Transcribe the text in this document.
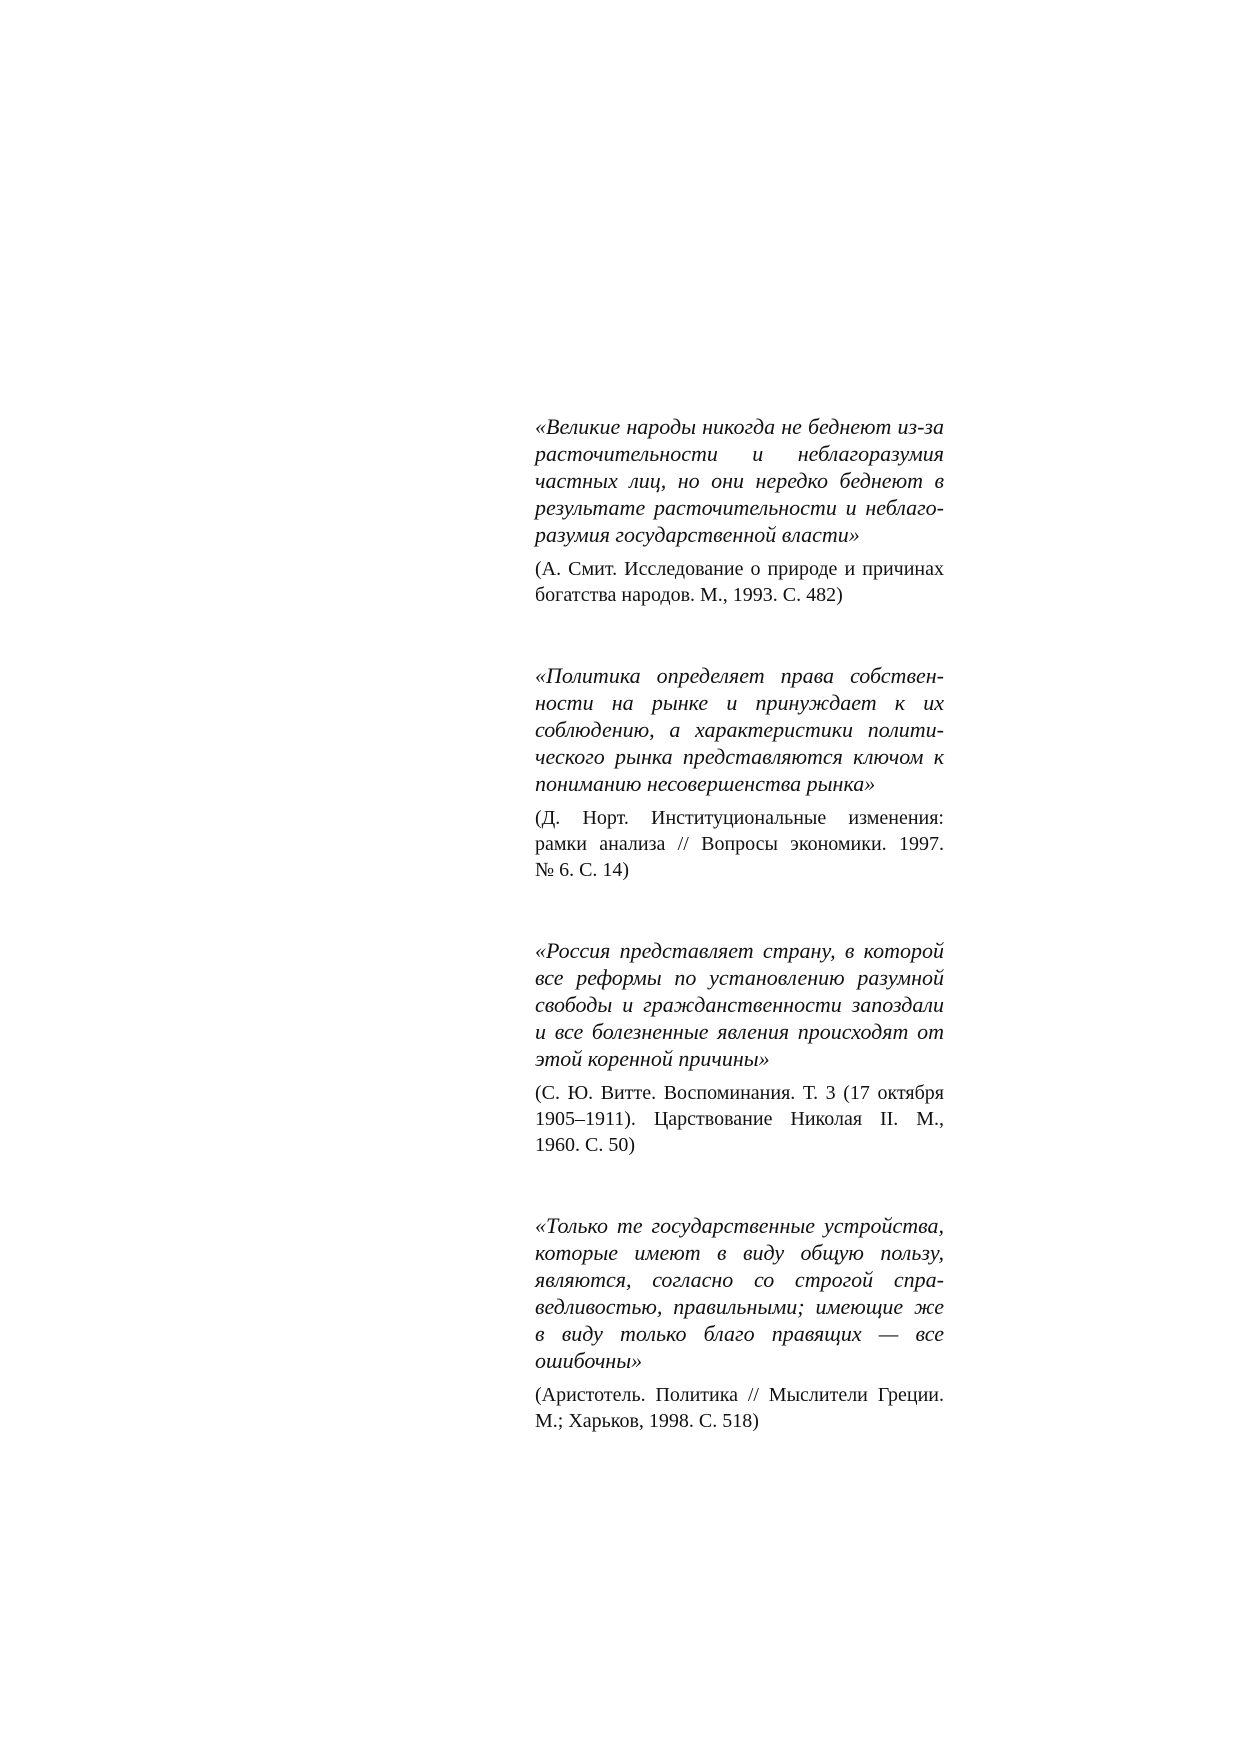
«Великие народы никогда не беднеют из-за
расточительности и неблагоразумия
частных лиц, но они нередко беднеют в
результате расточительности и неблаго-
разумия государственной власти»

(А. Смит. Исследование о природе и причинах
богатства народов. М., 1993. С. 482)

«Политика определяет права собствен-
ности на рынке и принуждает к их
соблюдению, а характеристики полити-
ческого рынка представляются ключом к
пониманию несовершенства рынка»

(Д. Норт. Институциональные изменения:
рамки анализа // Вопросы экономики. 1997.
№ 6. С. 14)

«Россия представляет страну, в которой
все реформы по установлению разумной
свободы и гражданственности запоздали
и все болезненные явления происходят от
этой коренной причины»

(С. Ю. Витте. Воспоминания. Т. 3 (17 октября
1905–1911). Царствование Николая II. М.,
1960. С. 50)

«Только те государственные устройства,
которые имеют в виду общую пользу,
являются, согласно со строгой спра-
ведливостью, правильными; имеющие же
в виду только благо правящих — все
ошибочны»

(Аристотель. Политика // Мыслители Греции.
М.; Харьков, 1998. С. 518)
